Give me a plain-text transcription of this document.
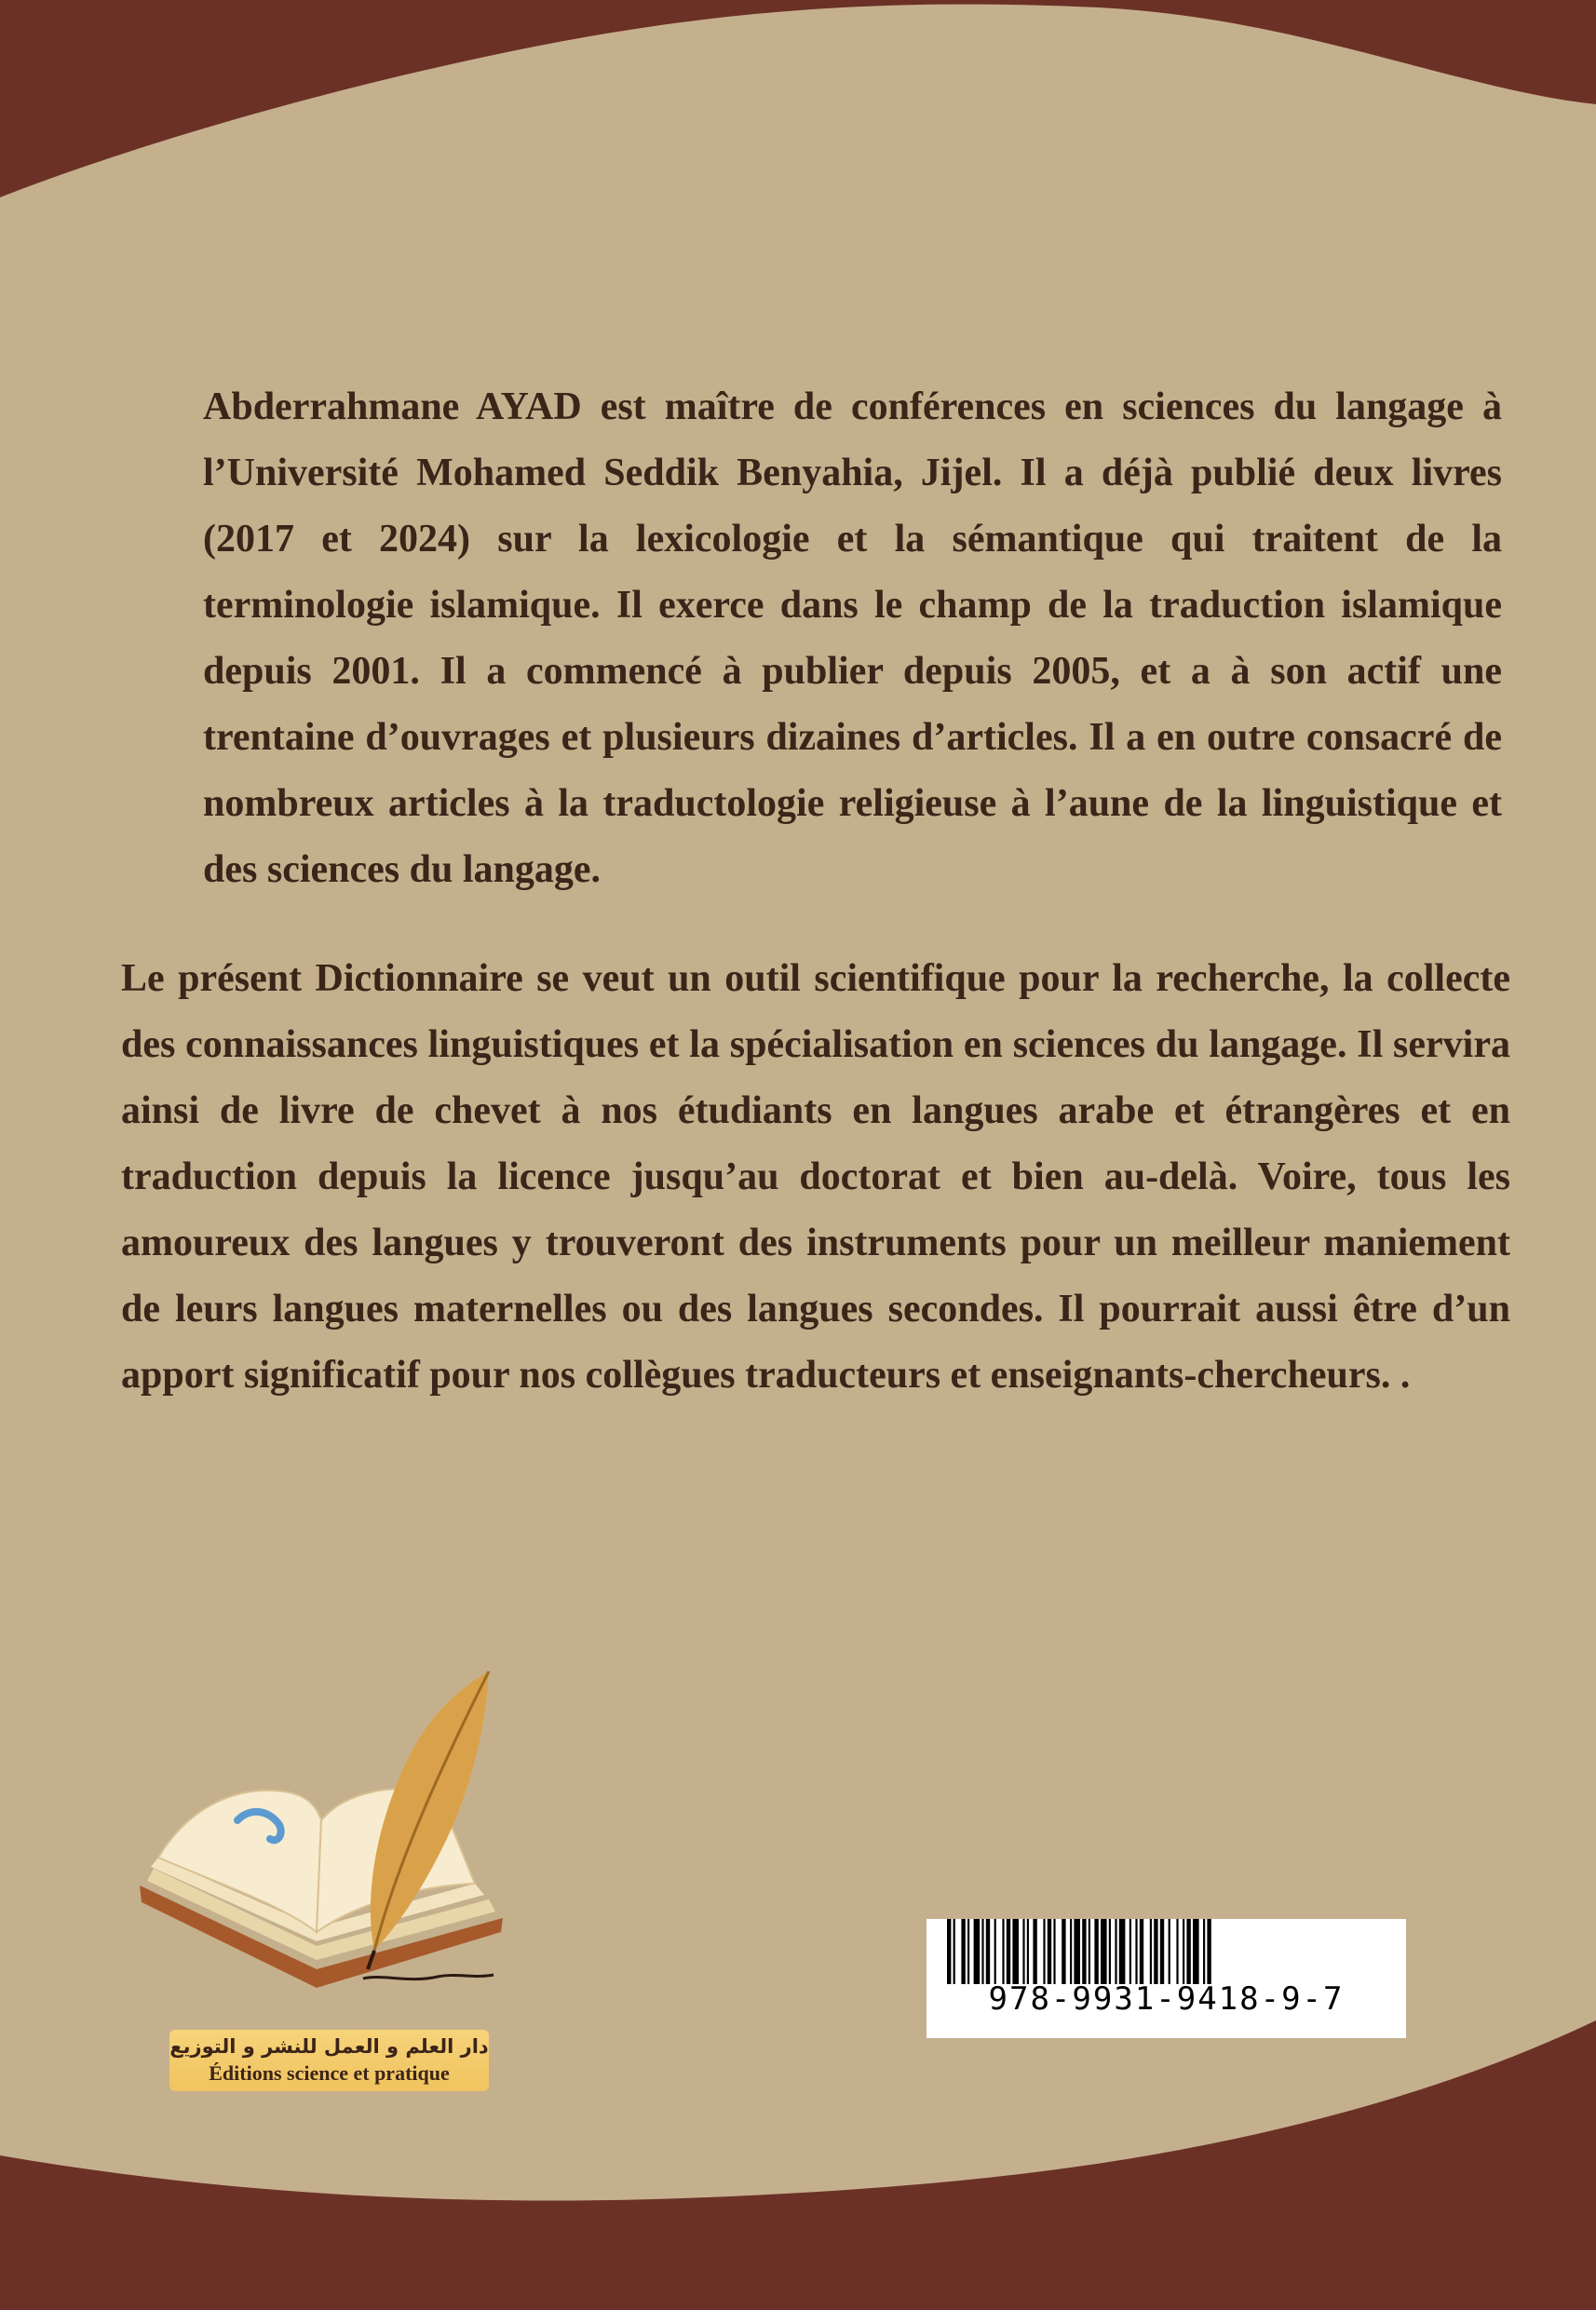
Abderrahmane AYAD est maître de conférences en sciences du langage à l’Université Mohamed Seddik Benyahia, Jijel. Il a déjà publié deux livres (2017 et 2024) sur la lexicologie et la sémantique qui traitent de la terminologie islamique. Il exerce dans le champ de la traduction islamique depuis 2001. Il a commencé à publier depuis 2005, et a à son actif une trentaine d’ouvrages et plusieurs dizaines d’articles. Il a en outre consacré de nombreux articles à la traductologie religieuse à l’aune de la linguistique et des sciences du langage.

Le présent Dictionnaire se veut un outil scientifique pour la recherche, la collecte des connaissances linguistiques et la spécialisation en sciences du langage. Il servira ainsi de livre de chevet à nos étudiants en langues arabe et étrangères et en traduction depuis la licence jusqu’au doctorat et bien au-delà. Voire, tous les amoureux des langues y trouveront des instruments pour un meilleur maniement de leurs langues maternelles ou des langues secondes. Il pourrait aussi être d’un apport significatif pour nos collègues traducteurs et enseignants-chercheurs. .

دار العلم و العمل للنشر و التوزيع
Éditions science et pratique
978-9931-9418-9-7
